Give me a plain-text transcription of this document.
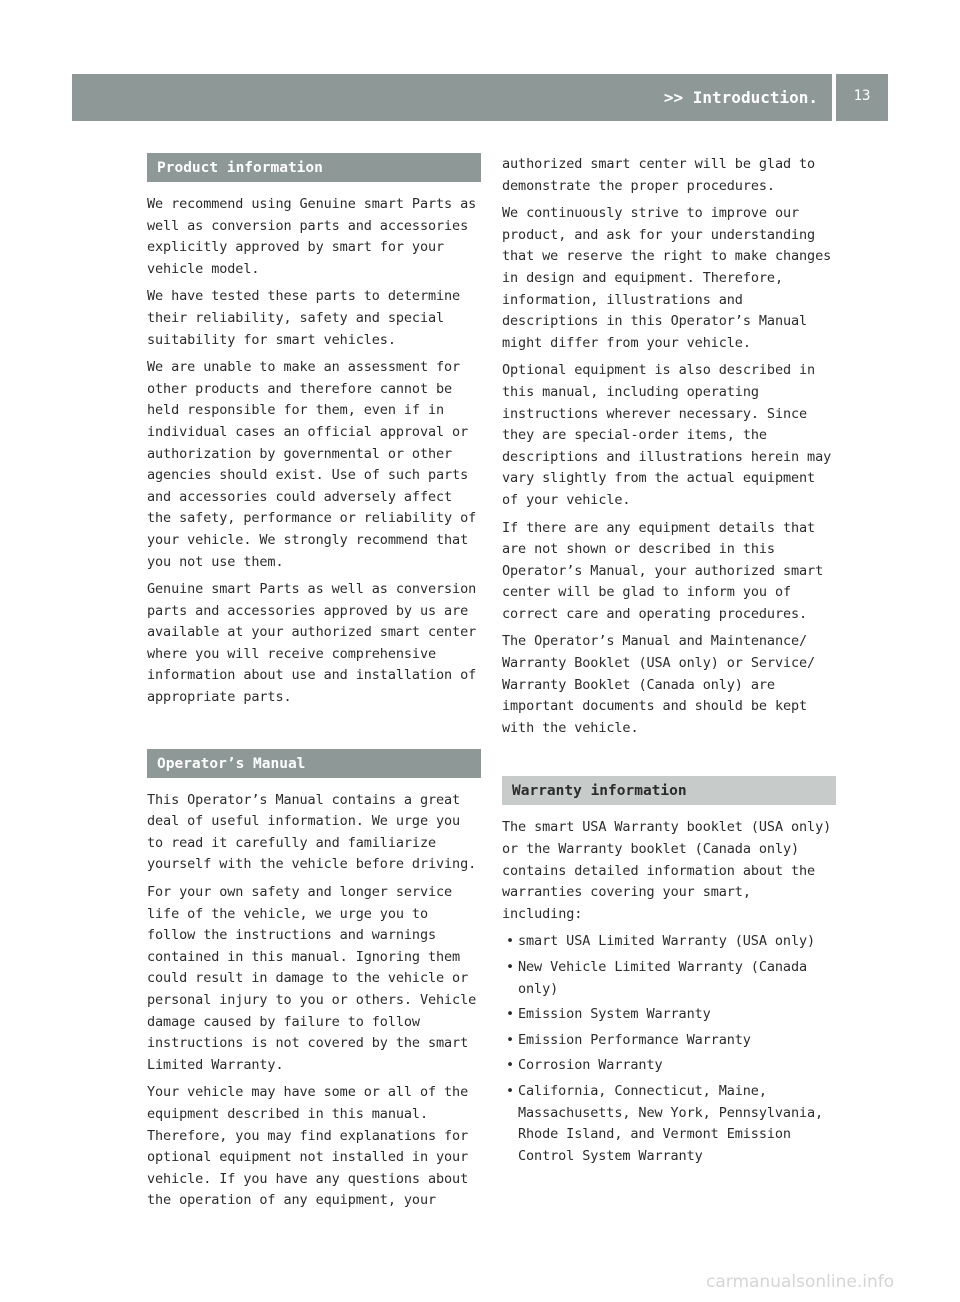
>> Introduction.	13
Product information

We recommend using Genuine smart Parts as well as conversion parts and accessories explicitly approved by smart for your vehicle model.

We have tested these parts to determine their reliability, safety and special suitability for smart vehicles.

We are unable to make an assessment for other products and therefore cannot be held responsible for them, even if in individual cases an official approval or authorization by governmental or other agencies should exist. Use of such parts and accessories could adversely affect the safety, performance or reliability of your vehicle. We strongly recommend that you not use them.

Genuine smart Parts as well as conversion parts and accessories approved by us are available at your authorized smart center where you will receive comprehensive information about use and installation of appropriate parts.

Operator’s Manual

This Operator’s Manual contains a great deal of useful information. We urge you to read it carefully and familiarize yourself with the vehicle before driving.

For your own safety and longer service life of the vehicle, we urge you to follow the instructions and warnings contained in this manual. Ignoring them could result in damage to the vehicle or personal injury to you or others. Vehicle damage caused by failure to follow instructions is not covered by the smart Limited Warranty.

Your vehicle may have some or all of the equipment described in this manual. Therefore, you may find explanations for optional equipment not installed in your vehicle. If you have any questions about the operation of any equipment, your

authorized smart center will be glad to demonstrate the proper procedures.

We continuously strive to improve our product, and ask for your understanding that we reserve the right to make changes in design and equipment. Therefore, information, illustrations and descriptions in this Operator’s Manual might differ from your vehicle.

Optional equipment is also described in this manual, including operating instructions wherever necessary. Since they are special-order items, the descriptions and illustrations herein may vary slightly from the actual equipment of your vehicle.

If there are any equipment details that are not shown or described in this Operator’s Manual, your authorized smart center will be glad to inform you of correct care and operating procedures.

The Operator’s Manual and Maintenance/ Warranty Booklet (USA only) or Service/ Warranty Booklet (Canada only) are important documents and should be kept with the vehicle.

Warranty information

The smart USA Warranty booklet (USA only) or the Warranty booklet (Canada only) contains detailed information about the warranties covering your smart, including:

• smart USA Limited Warranty (USA only)
• New Vehicle Limited Warranty (Canada only)
• Emission System Warranty
• Emission Performance Warranty
• Corrosion Warranty
• California, Connecticut, Maine, Massachusetts, New York, Pennsylvania, Rhode Island, and Vermont Emission Control System Warranty
carmanualsonline.info
